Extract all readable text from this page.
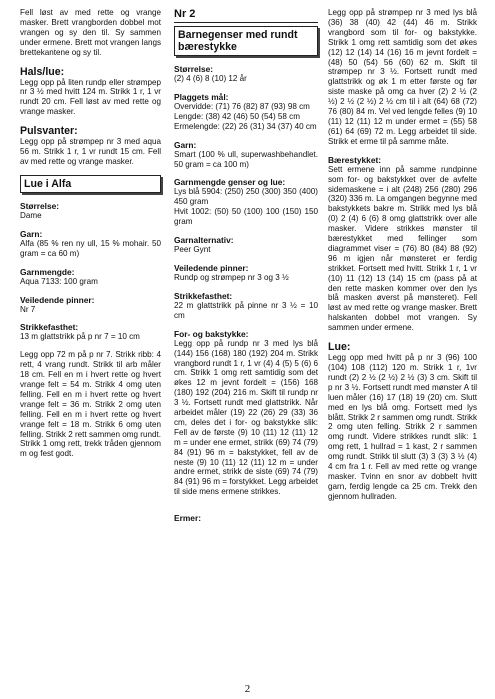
Fell løst av med rette og vrange masker. Brett vrangborden dobbel mot vrangen og sy den til. Sy sammen under ermene. Brett mot vrangen langs brettekantene og sy til.

Hals/lue:

Legg opp på liten rundp eller strømpep nr 3 ½ med hvitt 124 m. Strikk 1 r, 1 vr rundt 20 cm. Fell løst av med rette og vrange masker.

Pulsvanter:

Legg opp på strømpep nr 3 med aqua 56 m. Strikk 1 r, 1 vr rundt 15 cm. Fell av med rette og vrange masker.

Lue i Alfa
Størrelse:

Dame

Garn:

Alfa (85 % ren ny ull, 15 % mohair. 50 gram = ca 60 m)

Garnmengde:

Aqua 7133: 100 gram

Veiledende pinner:

Nr 7

Strikkefasthet:

13 m glattstrikk på p nr 7 = 10 cm

Legg opp 72 m på p nr 7. Strikk ribb: 4 rett, 4 vrang rundt. Strikk til arb måler 18 cm. Fell en m i hvert rette og hvert vrange felt = 54 m. Strikk 4 omg uten felling. Fell en m i hvert rette og hvert vrange felt = 36 m. Strikk 2 omg uten felling. Fell en m i hvert rette og hvert vrange felt = 18 m. Strikk 6 omg uten felling. Strikk 2 rett sammen omg rundt. Strikk 1 omg rett, trekk tråden gjennom m og fest godt.

Nr 2
Barnegenser med rundt bærestykke
Størrelse:

(2) 4 (6) 8 (10) 12 år

Plaggets mål:

Overvidde: (71) 76 (82) 87 (93) 98 cm

Lengde: (38) 42 (46) 50 (54) 58 cm

Ermelengde: (22) 26 (31) 34 (37) 40 cm

Garn:

Smart (100 % ull, superwashbehandlet. 50 gram = ca 100 m)

Garnmengde genser og lue:

Lys blå 5904: (250) 250 (300) 350 (400) 450 gram

Hvit 1002: (50) 50 (100) 100 (150) 150 gram

Garnalternativ:

Peer Gynt

Veiledende pinner:

Rundp og strømpep nr 3 og 3 ½

Strikkefasthet:

22 m glattstrikk på pinne nr 3 ½ = 10 cm

For- og bakstykke:

Legg opp på rundp nr 3 med lys blå (144) 156 (168) 180 (192) 204 m. Strikk vrangbord rundt 1 r, 1 vr (4) 4 (5) 5 (6) 6 cm. Strikk 1 omg rett samtidig som det økes 12 m jevnt fordelt = (156) 168 (180) 192 (204) 216 m. Skift til rundp nr 3 ½. Fortsett rundt med glattstrikk. Når arbeidet måler (19) 22 (26) 29 (33) 36 cm, deles det i for- og bakstykke slik: Fell av de første (9) 10 (11) 12 (11) 12 m = under ene ermet, strikk (69) 74 (79) 84 (91) 96 m = bakstykket, fell av de neste (9) 10 (11) 12 (11) 12 m = under andre ermet, strikk de siste (69) 74 (79) 84 (91) 96 m = forstykket. Legg arbeidet til side mens ermene strikkes.

Ermer:

Legg opp på strømpep nr 3 med lys blå (36) 38 (40) 42 (44) 46 m. Strikk vrangbord som til for- og bakstykke. Strikk 1 omg rett samtidig som det økes (12) 12 (14) 14 (16) 16 m jevnt fordelt = (48) 50 (54) 56 (60) 62 m. Skift til strømpep nr 3 ½. Fortsett rundt med glattstrikk og øk 1 m etter første og før siste maske på omg ca hver (2) 2 ½ (2 ½) 2 ½ (2 ½) 2 ½ cm til i alt (64) 68 (72) 76 (80) 84 m. Vel ved lengde felles (9) 10 (11) 12 (11) 12 m under ermet = (55) 58 (61) 64 (69) 72 m. Legg arbeidet til side. Strikk et erme til på samme måte.

Bærestykket:

Sett ermene inn på samme rundpinne som for- og bakstykket over de avfelte sidemaskene = i alt (248) 256 (280) 296 (320) 336 m. La omgangen begynne med bakstykkets bakre m. Strikk med lys blå (0) 2 (4) 6 (6) 8 omg glattstrikk over alle masker. Videre strikkes mønster til bærestykket med fellinger som diagrammet viser = (76) 80 (84) 88 (92) 96 m igjen når mønsteret er ferdig strikket. Fortsett med hvitt. Strikk 1 r, 1 vr (10) 11 (12) 13 (14) 15 cm (pass på at den rette masken kommer over den lys blå masken øverst på mønsteret). Fell løst av med rette og vrange masker. Brett halskanten dobbel mot vrangen. Sy sammen under ermene.

Lue:

Legg opp med hvitt på p nr 3 (96) 100 (104) 108 (112) 120 m. Strikk 1 r, 1vr rundt (2) 2 ½ (2 ½) 2 ½ (3) 3 cm. Skift til p nr 3 ½. Fortsett rundt med mønster A til luen måler (16) 17 (18) 19 (20) cm. Slutt med en lys blå omg. Fortsett med lys blått. Strikk 2 r sammen omg rundt. Strikk 2 omg uten felling. Strikk 2 r sammen omg rundt. Videre strikkes rundt slik: 1 omg rett, 1 hullrad = 1 kast, 2 r sammen omg rundt. Strikk til slutt (3) 3 (3) 3 ½ (4) 4 cm fra 1 r. Fell av med rette og vrange masker. Tvinn en snor av dobbelt hvitt garn, ferdig lengde ca 25 cm. Trekk den gjennom hullraden.

2
